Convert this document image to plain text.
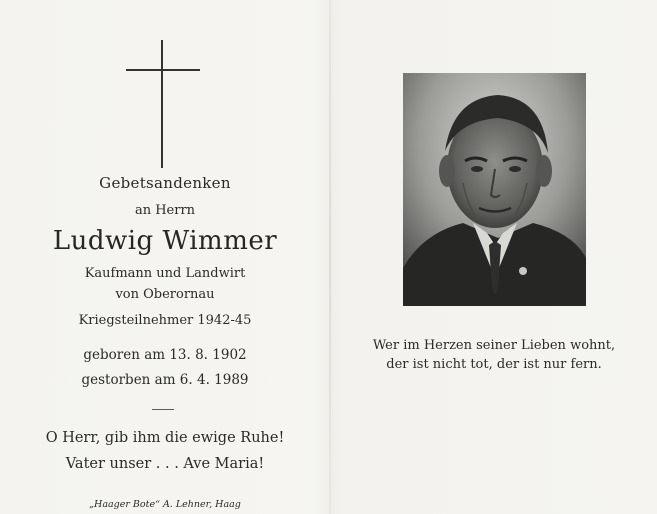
Gebetsandenken
an Herrn
Ludwig Wimmer
Kaufmann und Landwirt
von Oberornau
Kriegsteilnehmer 1942-45
geboren am 13. 8. 1902
gestorben am 6. 4. 1989
O Herr, gib ihm die ewige Ruhe!
Vater unser . . . Ave Maria!
„Haager Bote“ A. Lehner, Haag
Wer im Herzen seiner Lieben wohnt,
der ist nicht tot, der ist nur fern.
